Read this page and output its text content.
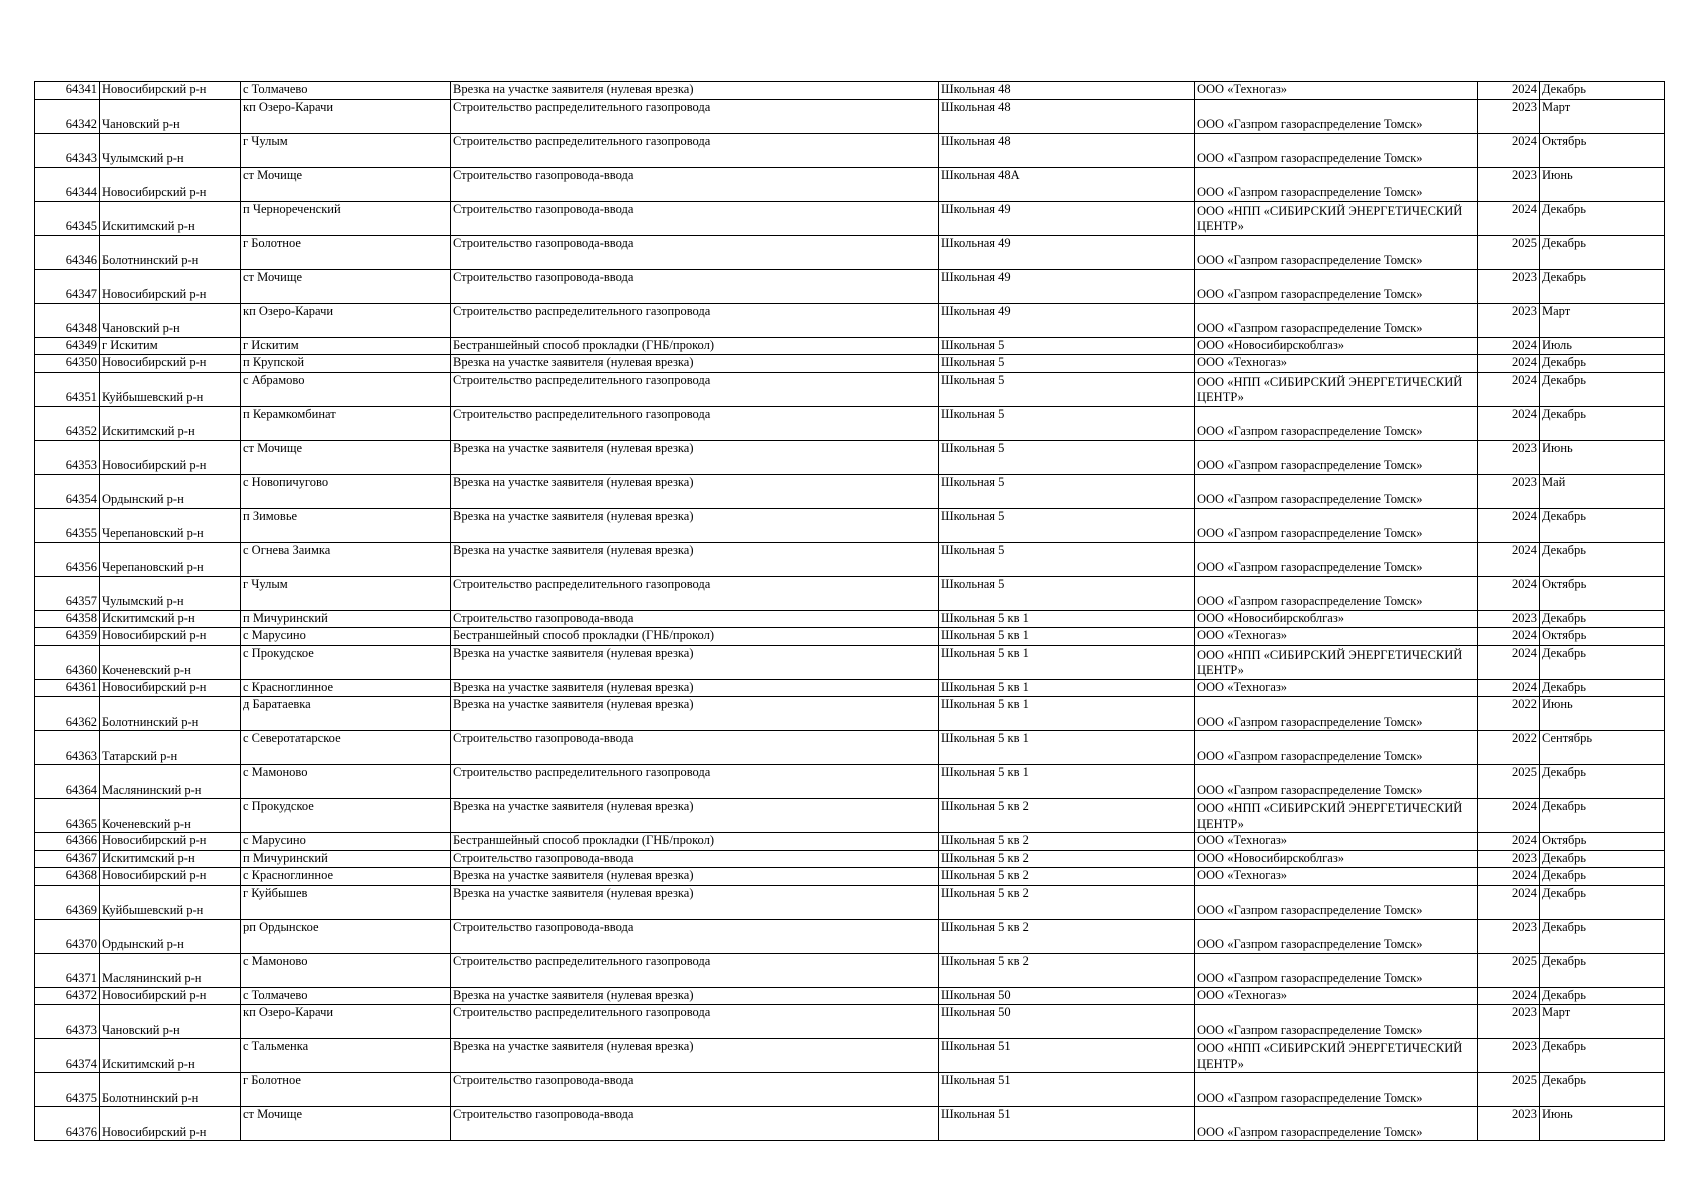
64341	Новосибирский р-н	с Толмачево	Врезка на участке заявителя (нулевая врезка)	Школьная 48	ООО «Техногаз»	2024	Декабрь
64342	Чановский р-н	кп Озеро-Карачи	Строительство распределительного газопровода	Школьная 48	ООО «Газпром газораспределение Томск»	2023	Март
64343	Чулымский р-н	г Чулым	Строительство распределительного газопровода	Школьная 48	ООО «Газпром газораспределение Томск»	2024	Октябрь
64344	Новосибирский р-н	ст Мочище	Строительство газопровода-ввода	Школьная 48А	ООО «Газпром газораспределение Томск»	2023	Июнь
64345	Искитимский р-н	п Чернореченский	Строительство газопровода-ввода	Школьная 49	ООО «НПП «СИБИРСКИЙ ЭНЕРГЕТИЧЕСКИЙ ЦЕНТР»	2024	Декабрь
64346	Болотнинский р-н	г Болотное	Строительство газопровода-ввода	Школьная 49	ООО «Газпром газораспределение Томск»	2025	Декабрь
64347	Новосибирский р-н	ст Мочище	Строительство газопровода-ввода	Школьная 49	ООО «Газпром газораспределение Томск»	2023	Декабрь
64348	Чановский р-н	кп Озеро-Карачи	Строительство распределительного газопровода	Школьная 49	ООО «Газпром газораспределение Томск»	2023	Март
64349	г Искитим	г Искитим	Бестраншейный способ прокладки (ГНБ/прокол)	Школьная 5	ООО «Новосибирскоблгаз»	2024	Июль
64350	Новосибирский р-н	п Крупской	Врезка на участке заявителя (нулевая врезка)	Школьная 5	ООО «Техногаз»	2024	Декабрь
64351	Куйбышевский р-н	с Абрамово	Строительство распределительного газопровода	Школьная 5	ООО «НПП «СИБИРСКИЙ ЭНЕРГЕТИЧЕСКИЙ ЦЕНТР»	2024	Декабрь
64352	Искитимский р-н	п Керамкомбинат	Строительство распределительного газопровода	Школьная 5	ООО «Газпром газораспределение Томск»	2024	Декабрь
64353	Новосибирский р-н	ст Мочище	Врезка на участке заявителя (нулевая врезка)	Школьная 5	ООО «Газпром газораспределение Томск»	2023	Июнь
64354	Ордынский р-н	с Новопичугово	Врезка на участке заявителя (нулевая врезка)	Школьная 5	ООО «Газпром газораспределение Томск»	2023	Май
64355	Черепановский р-н	п Зимовье	Врезка на участке заявителя (нулевая врезка)	Школьная 5	ООО «Газпром газораспределение Томск»	2024	Декабрь
64356	Черепановский р-н	с Огнева Заимка	Врезка на участке заявителя (нулевая врезка)	Школьная 5	ООО «Газпром газораспределение Томск»	2024	Декабрь
64357	Чулымский р-н	г Чулым	Строительство распределительного газопровода	Школьная 5	ООО «Газпром газораспределение Томск»	2024	Октябрь
64358	Искитимский р-н	п Мичуринский	Строительство газопровода-ввода	Школьная 5 кв 1	ООО «Новосибирскоблгаз»	2023	Декабрь
64359	Новосибирский р-н	с Марусино	Бестраншейный способ прокладки (ГНБ/прокол)	Школьная 5 кв 1	ООО «Техногаз»	2024	Октябрь
64360	Коченевский р-н	с Прокудское	Врезка на участке заявителя (нулевая врезка)	Школьная 5 кв 1	ООО «НПП «СИБИРСКИЙ ЭНЕРГЕТИЧЕСКИЙ ЦЕНТР»	2024	Декабрь
64361	Новосибирский р-н	с Красноглинное	Врезка на участке заявителя (нулевая врезка)	Школьная 5 кв 1	ООО «Техногаз»	2024	Декабрь
64362	Болотнинский р-н	д Баратаевка	Врезка на участке заявителя (нулевая врезка)	Школьная 5 кв 1	ООО «Газпром газораспределение Томск»	2022	Июнь
64363	Татарский р-н	с Северотатарское	Строительство газопровода-ввода	Школьная 5 кв 1	ООО «Газпром газораспределение Томск»	2022	Сентябрь
64364	Маслянинский р-н	с Мамоново	Строительство распределительного газопровода	Школьная 5 кв 1	ООО «Газпром газораспределение Томск»	2025	Декабрь
64365	Коченевский р-н	с Прокудское	Врезка на участке заявителя (нулевая врезка)	Школьная 5 кв 2	ООО «НПП «СИБИРСКИЙ ЭНЕРГЕТИЧЕСКИЙ ЦЕНТР»	2024	Декабрь
64366	Новосибирский р-н	с Марусино	Бестраншейный способ прокладки (ГНБ/прокол)	Школьная 5 кв 2	ООО «Техногаз»	2024	Октябрь
64367	Искитимский р-н	п Мичуринский	Строительство газопровода-ввода	Школьная 5 кв 2	ООО «Новосибирскоблгаз»	2023	Декабрь
64368	Новосибирский р-н	с Красноглинное	Врезка на участке заявителя (нулевая врезка)	Школьная 5 кв 2	ООО «Техногаз»	2024	Декабрь
64369	Куйбышевский р-н	г Куйбышев	Врезка на участке заявителя (нулевая врезка)	Школьная 5 кв 2	ООО «Газпром газораспределение Томск»	2024	Декабрь
64370	Ордынский р-н	рп Ордынское	Строительство газопровода-ввода	Школьная 5 кв 2	ООО «Газпром газораспределение Томск»	2023	Декабрь
64371	Маслянинский р-н	с Мамоново	Строительство распределительного газопровода	Школьная 5 кв 2	ООО «Газпром газораспределение Томск»	2025	Декабрь
64372	Новосибирский р-н	с Толмачево	Врезка на участке заявителя (нулевая врезка)	Школьная 50	ООО «Техногаз»	2024	Декабрь
64373	Чановский р-н	кп Озеро-Карачи	Строительство распределительного газопровода	Школьная 50	ООО «Газпром газораспределение Томск»	2023	Март
64374	Искитимский р-н	с Тальменка	Врезка на участке заявителя (нулевая врезка)	Школьная 51	ООО «НПП «СИБИРСКИЙ ЭНЕРГЕТИЧЕСКИЙ ЦЕНТР»	2023	Декабрь
64375	Болотнинский р-н	г Болотное	Строительство газопровода-ввода	Школьная 51	ООО «Газпром газораспределение Томск»	2025	Декабрь
64376	Новосибирский р-н	ст Мочище	Строительство газопровода-ввода	Школьная 51	ООО «Газпром газораспределение Томск»	2023	Июнь
